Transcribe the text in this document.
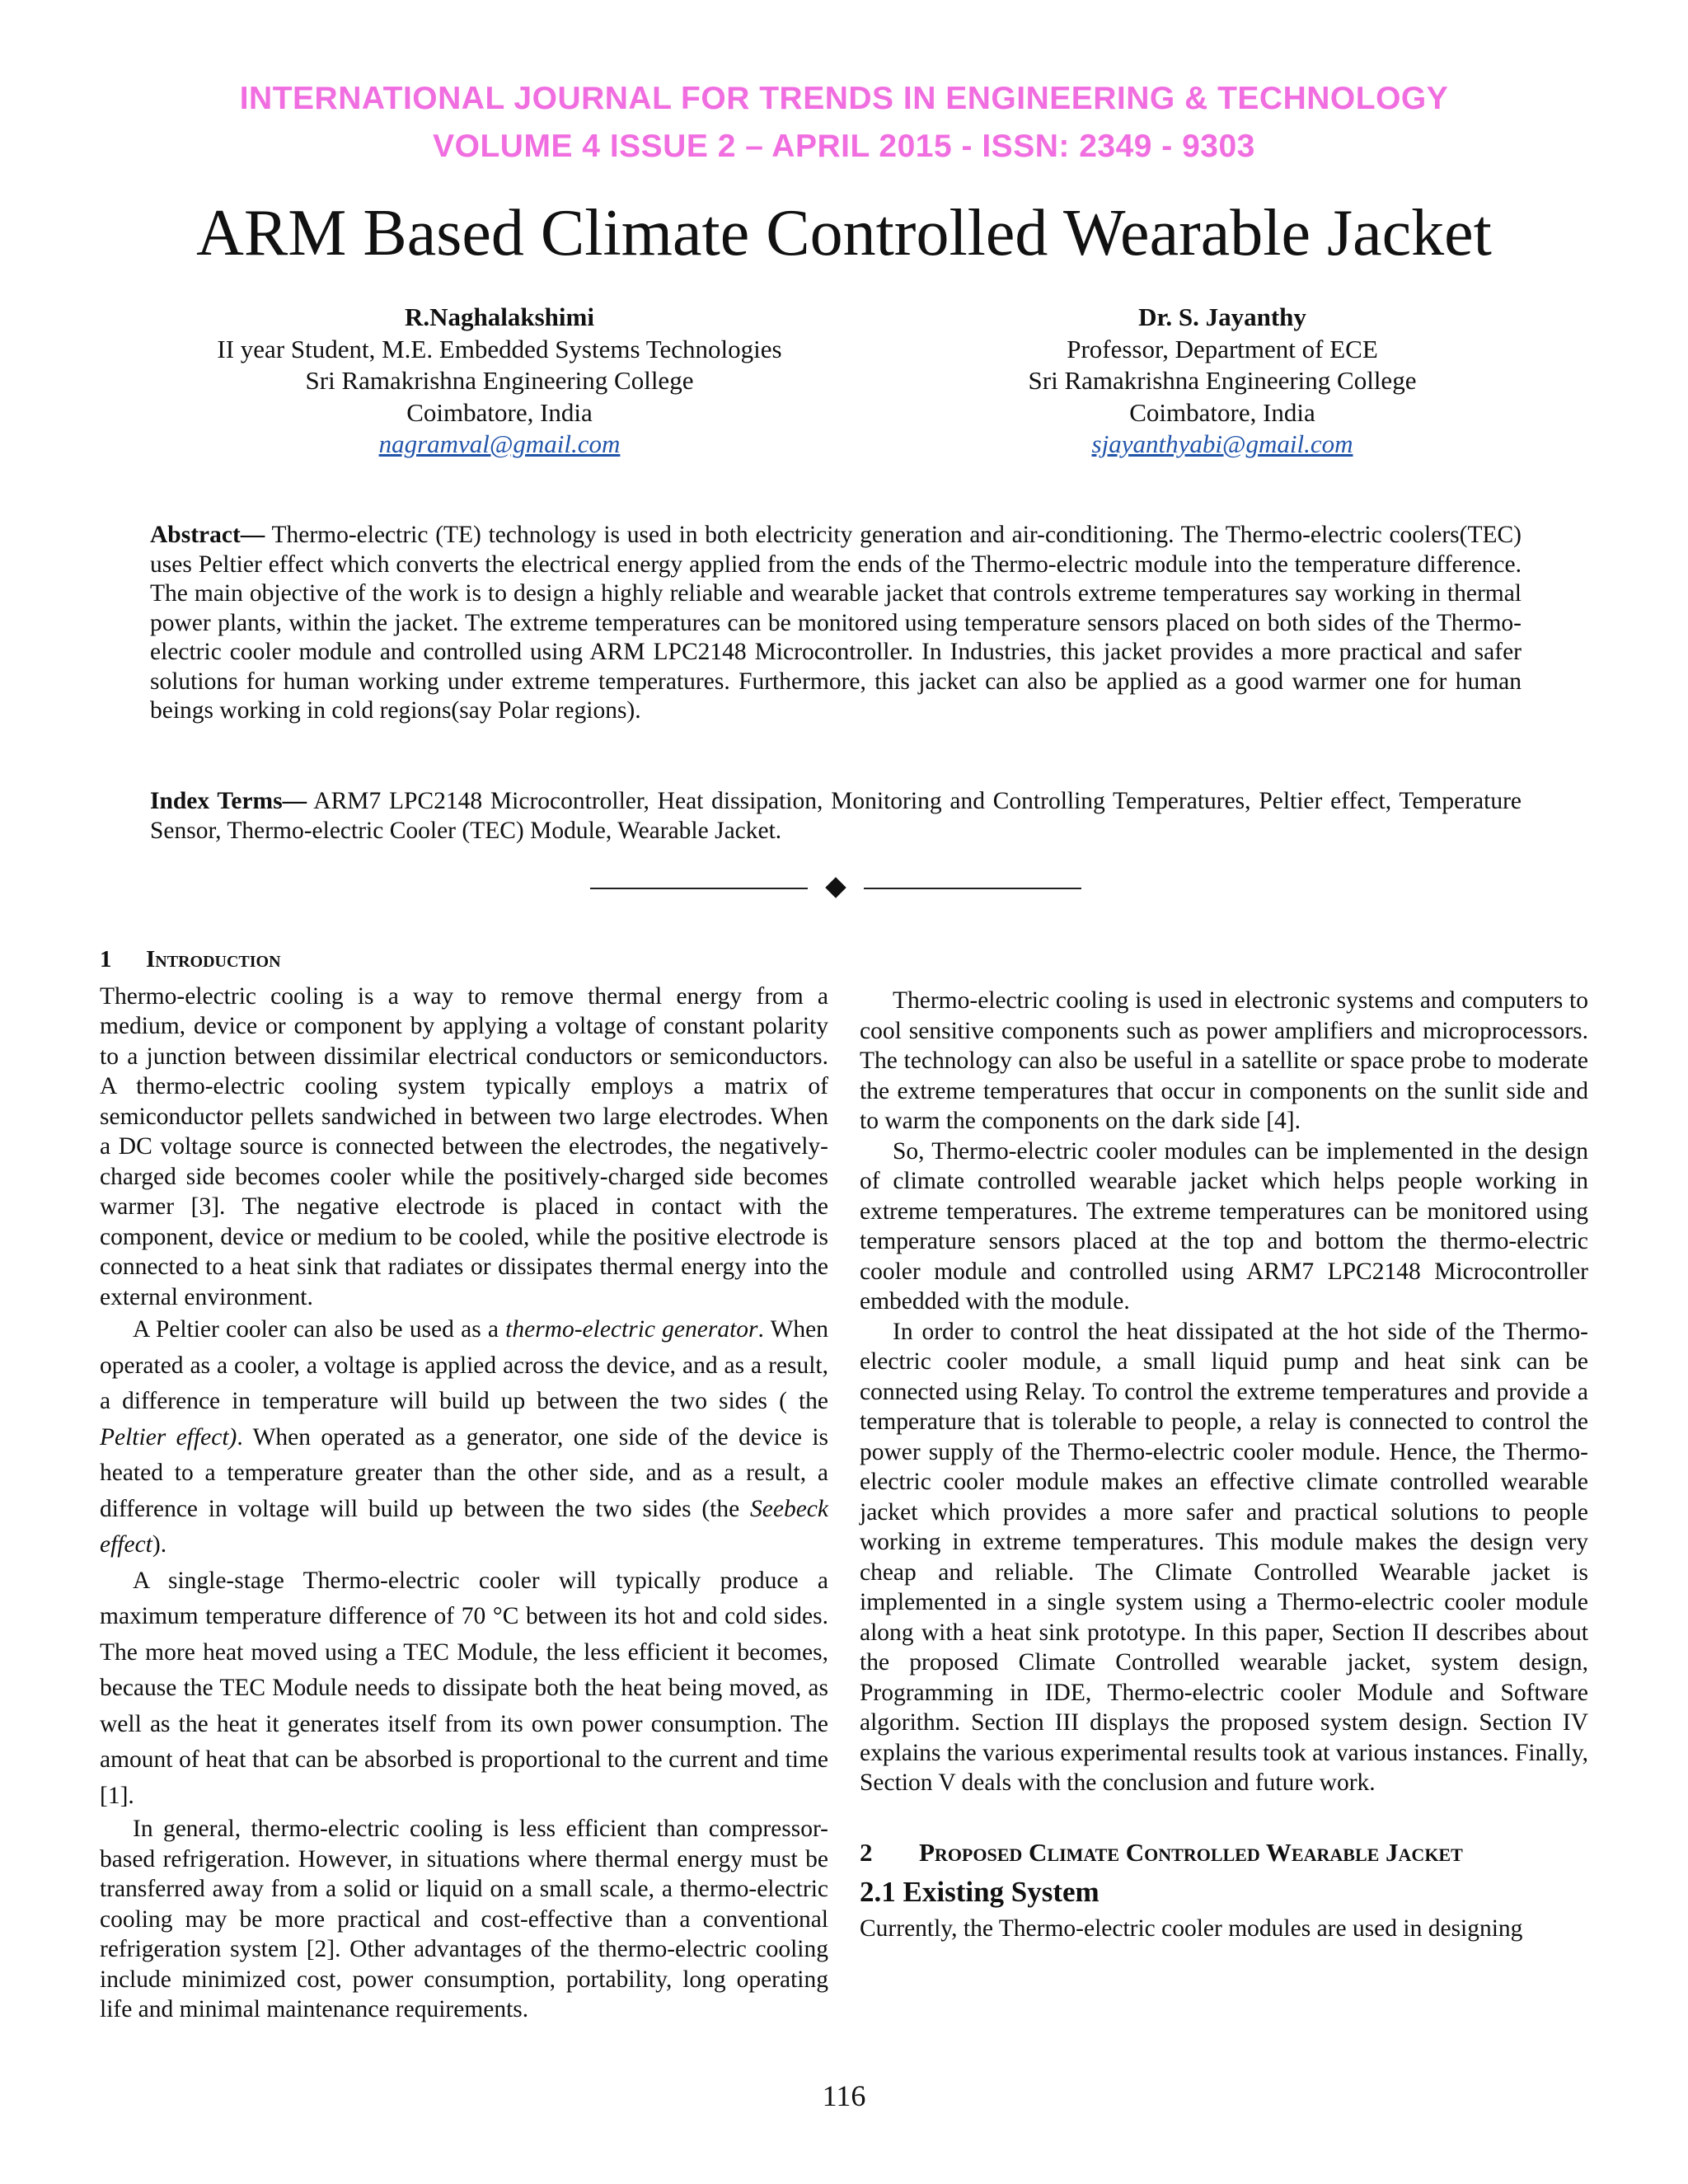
INTERNATIONAL JOURNAL FOR TRENDS IN ENGINEERING & TECHNOLOGY
VOLUME 4 ISSUE 2 – APRIL 2015 - ISSN: 2349 - 9303
ARM Based Climate Controlled Wearable Jacket
R.Naghalakshimi
II year Student, M.E. Embedded Systems Technologies
Sri Ramakrishna Engineering College
Coimbatore, India
nagramval@gmail.com
Dr. S. Jayanthy
Professor, Department of ECE
Sri Ramakrishna Engineering College
Coimbatore, India
sjayanthyabi@gmail.com
Abstract— Thermo-electric (TE) technology is used in both electricity generation and air-conditioning. The Thermo-electric coolers(TEC) uses Peltier effect which converts the electrical energy applied from the ends of the Thermo-electric module into the temperature difference. The main objective of the work is to design a highly reliable and wearable jacket that controls extreme temperatures say working in thermal power plants, within the jacket. The extreme temperatures can be monitored using temperature sensors placed on both sides of the Thermo-electric cooler module and controlled using ARM LPC2148 Microcontroller. In Industries, this jacket provides a more practical and safer solutions for human working under extreme temperatures. Furthermore, this jacket can also be applied as a good warmer one for human beings working in cold regions(say Polar regions).
Index Terms— ARM7 LPC2148 Microcontroller, Heat dissipation, Monitoring and Controlling Temperatures, Peltier effect, Temperature Sensor, Thermo-electric Cooler (TEC) Module, Wearable Jacket.
1 Introduction

Thermo-electric cooling is a way to remove thermal energy from a medium, device or component by applying a voltage of constant polarity to a junction between dissimilar electrical conductors or semiconductors. A thermo-electric cooling system typically employs a matrix of semiconductor pellets sandwiched in between two large electrodes. When a DC voltage source is connected between the electrodes, the negatively-charged side becomes cooler while the positively-charged side becomes warmer [3]. The negative electrode is placed in contact with the component, device or medium to be cooled, while the positive electrode is connected to a heat sink that radiates or dissipates thermal energy into the external environment.

A Peltier cooler can also be used as a thermo-electric generator. When operated as a cooler, a voltage is applied across the device, and as a result, a difference in temperature will build up between the two sides ( the Peltier effect). When operated as a generator, one side of the device is heated to a temperature greater than the other side, and as a result, a difference in voltage will build up between the two sides (the Seebeck effect).

A single-stage Thermo-electric cooler will typically produce a maximum temperature difference of 70 °C between its hot and cold sides. The more heat moved using a TEC Module, the less efficient it becomes, because the TEC Module needs to dissipate both the heat being moved, as well as the heat it generates itself from its own power consumption. The amount of heat that can be absorbed is proportional to the current and time [1].

In general, thermo-electric cooling is less efficient than compressor-based refrigeration. However, in situations where thermal energy must be transferred away from a solid or liquid on a small scale, a thermo-electric cooling may be more practical and cost-effective than a conventional refrigeration system [2]. Other advantages of the thermo-electric cooling include minimized cost, power consumption, portability, long operating life and minimal maintenance requirements.

Thermo-electric cooling is used in electronic systems and computers to cool sensitive components such as power amplifiers and microprocessors. The technology can also be useful in a satellite or space probe to moderate the extreme temperatures that occur in components on the sunlit side and to warm the components on the dark side [4].

So, Thermo-electric cooler modules can be implemented in the design of climate controlled wearable jacket which helps people working in extreme temperatures. The extreme temperatures can be monitored using temperature sensors placed at the top and bottom the thermo-electric cooler module and controlled using ARM7 LPC2148 Microcontroller embedded with the module.

In order to control the heat dissipated at the hot side of the Thermo-electric cooler module, a small liquid pump and heat sink can be connected using Relay. To control the extreme temperatures and provide a temperature that is tolerable to people, a relay is connected to control the power supply of the Thermo-electric cooler module. Hence, the Thermo-electric cooler module makes an effective climate controlled wearable jacket which provides a more safer and practical solutions to people working in extreme temperatures. This module makes the design very cheap and reliable. The Climate Controlled Wearable jacket is implemented in a single system using a Thermo-electric cooler module along with a heat sink prototype. In this paper, Section II describes about the proposed Climate Controlled wearable jacket, system design, Programming in IDE, Thermo-electric cooler Module and Software algorithm. Section III displays the proposed system design. Section IV explains the various experimental results took at various instances. Finally, Section V deals with the conclusion and future work.

2 Proposed Climate Controlled Wearable Jacket
2.1 Existing System

Currently, the Thermo-electric cooler modules are used in designing

116
